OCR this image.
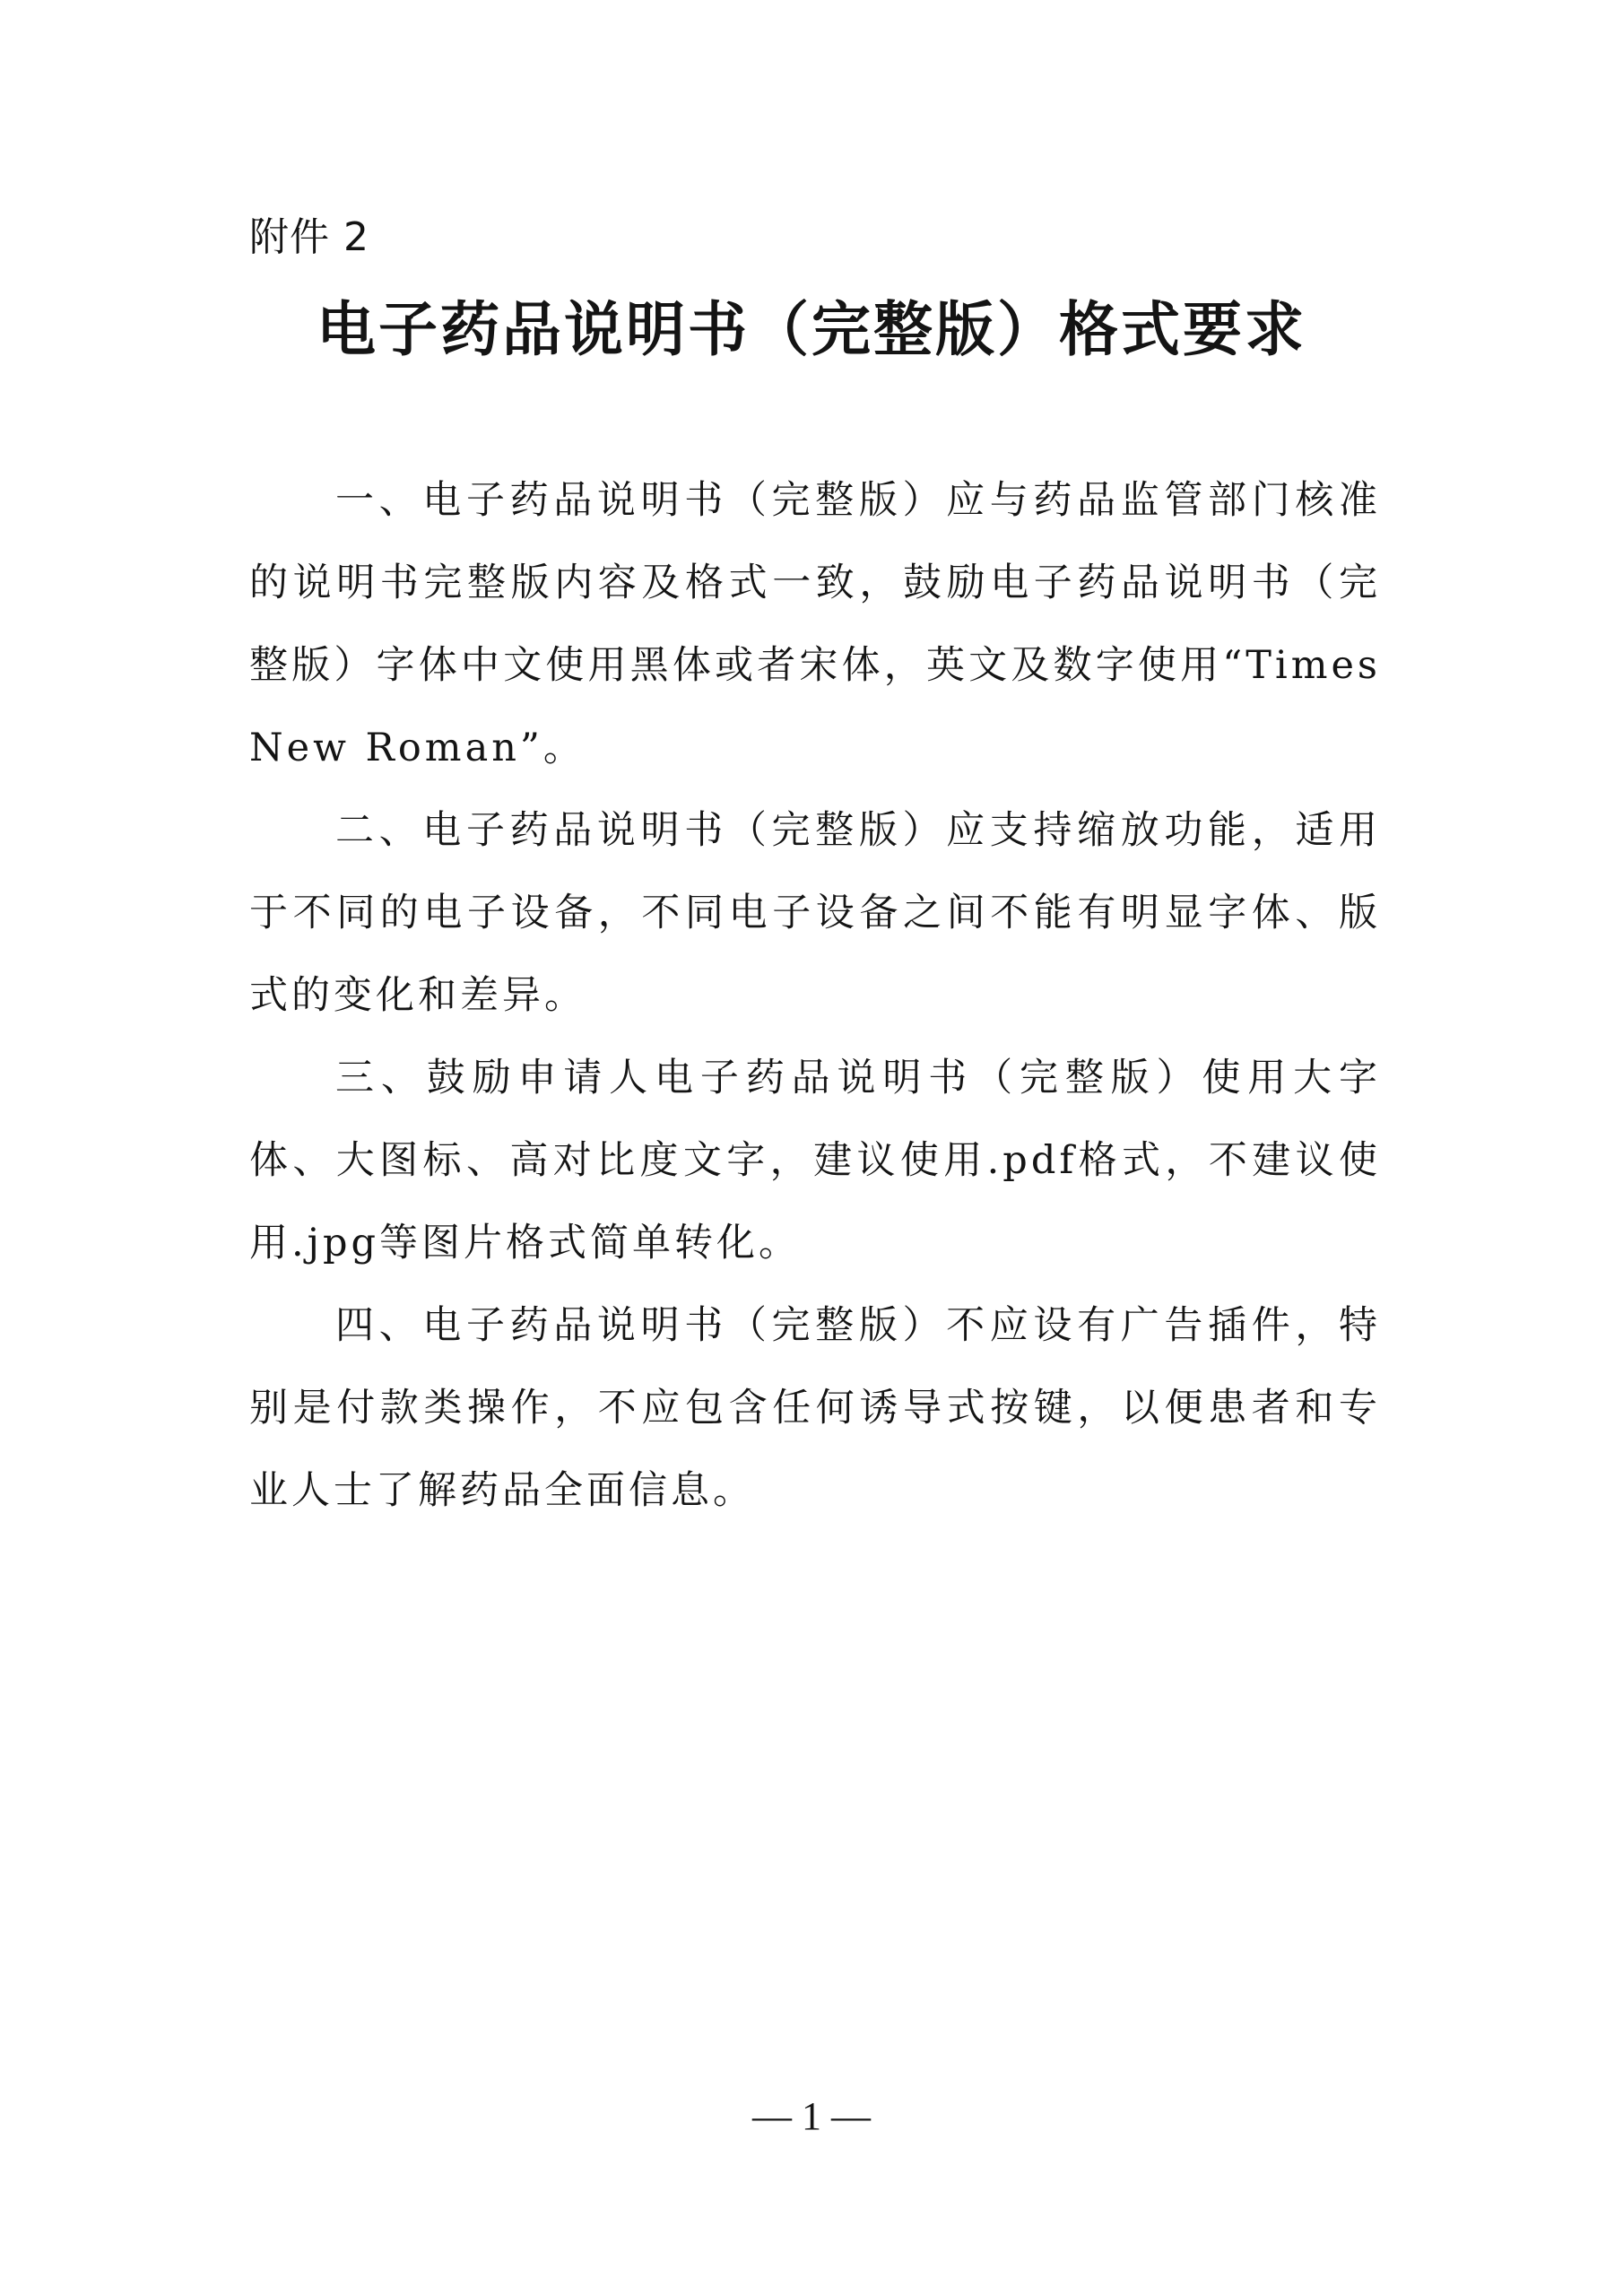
附件 2
电子药品说明书（完整版）格式要求

一、电子药品说明书（完整版）应与药品监管部门核准的说明书完整版内容及格式一致，鼓励电子药品说明书（完整版）字体中文使用黑体或者宋体，英文及数字使用“Times New Roman”。

二、电子药品说明书（完整版）应支持缩放功能，适用于不同的电子设备，不同电子设备之间不能有明显字体、版式的变化和差异。

三、鼓励申请人电子药品说明书（完整版）使用大字体、大图标、高对比度文字，建议使用.pdf格式，不建议使用.jpg等图片格式简单转化。

四、电子药品说明书（完整版）不应设有广告插件，特别是付款类操作，不应包含任何诱导式按键，以便患者和专业人士了解药品全面信息。

— 1 —
